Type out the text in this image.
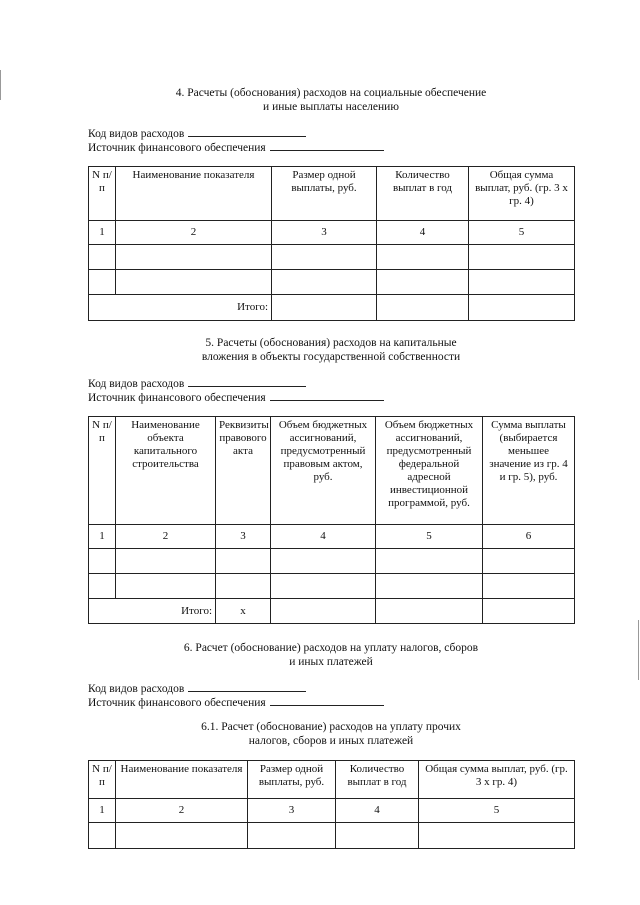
4. Расчеты (обоснования) расходов на социальные обеспечение
и иные выплаты населению
Код видов расходов
Источник финансового обеспечения
N п/п	Наименование показателя	Размер одной выплаты, руб.	Количество выплат в год	Общая сумма выплат, руб. (гр. 3 х гр. 4)
1	2	3	4	5

Итого:				
5. Расчеты (обоснования) расходов на капитальные
вложения в объекты государственной собственности
Код видов расходов
Источник финансового обеспечения
N п/п	Наименование объекта капитального строительства	Реквизиты правового акта	Объем бюджетных ассигнований, предусмотренный правовым актом, руб.	Объем бюджетных ассигнований, предусмотренный федеральной адресной инвестиционной программой, руб.	Сумма выплаты (выбирается меньшее значение из гр. 4 и гр. 5), руб.
1	2	3	4	5	6

Итого:		x			
6. Расчет (обоснование) расходов на уплату налогов, сборов
и иных платежей
Код видов расходов
Источник финансового обеспечения
6.1. Расчет (обоснование) расходов на уплату прочих
налогов, сборов и иных платежей
N п/п	Наименование показателя	Размер одной выплаты, руб.	Количество выплат в год	Общая сумма выплат, руб. (гр. 3 х гр. 4)
1	2	3	4	5
